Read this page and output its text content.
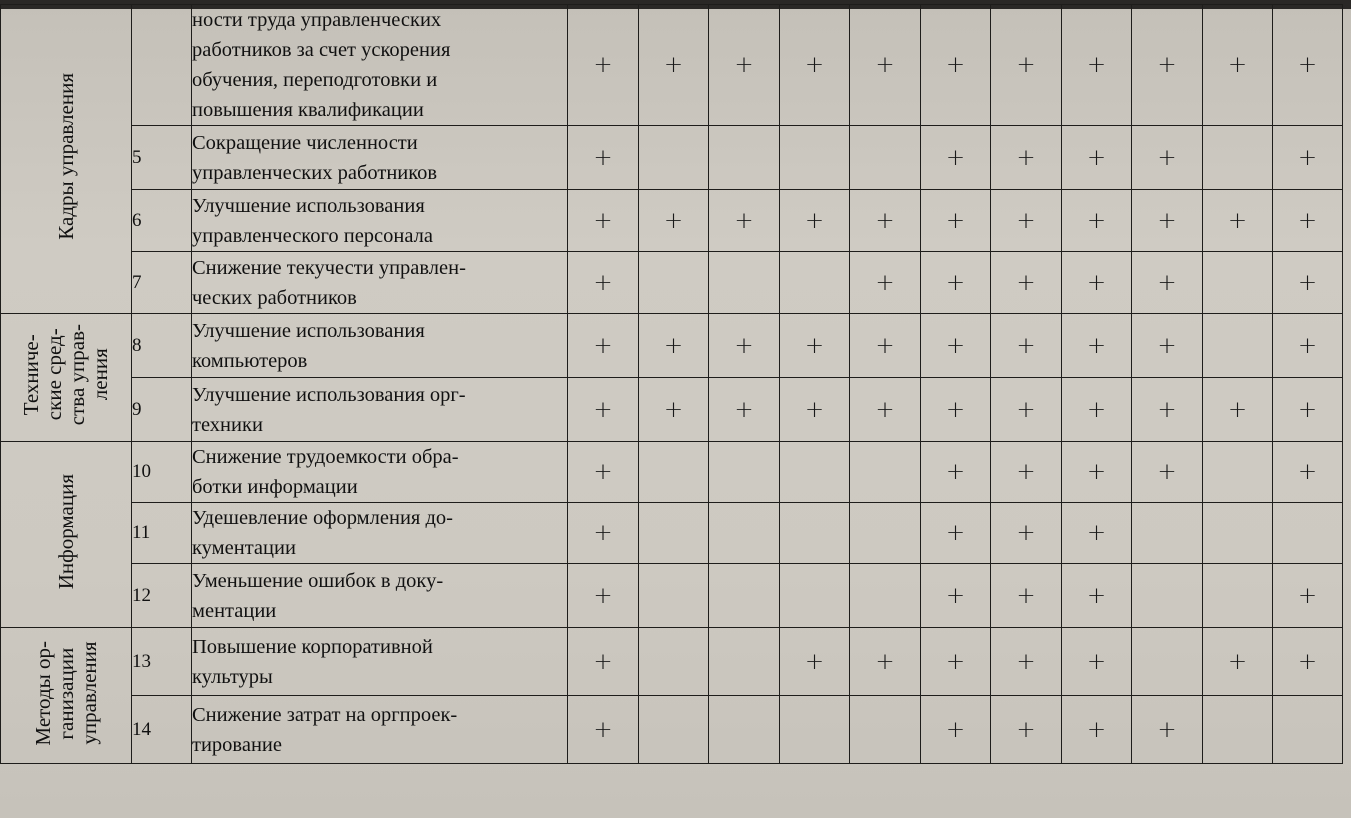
Кадры управления		ности труда управленческих
работников за счет ускорения
обучения, переподготовки и
повышения квалификации	+	+	+	+	+	+	+	+	+	+	+
	5	Сокращение численности
управленческих работников	+					+	+	+	+		+
	6	Улучшение использования
управленческого персонала	+	+	+	+	+	+	+	+	+	+	+
	7	Снижение текучести управлен-
ческих работников	+				+	+	+	+	+		+
Техниче-
ские сред-
ства управ-
ления	8	Улучшение использования
компьютеров	+	+	+	+	+	+	+	+	+		+
	9	Улучшение использования орг-
техники	+	+	+	+	+	+	+	+	+	+	+
Информация	10	Снижение трудоемкости обра-
ботки информации	+					+	+	+	+		+
	11	Удешевление оформления до-
кументации	+					+	+	+			
	12	Уменьшение ошибок в доку-
ментации	+					+	+	+			+
Методы ор-
ганизации
управления	13	Повышение корпоративной
культуры	+			+	+	+	+	+		+	+
	14	Снижение затрат на оргпроек-
тирование	+					+	+	+	+		
